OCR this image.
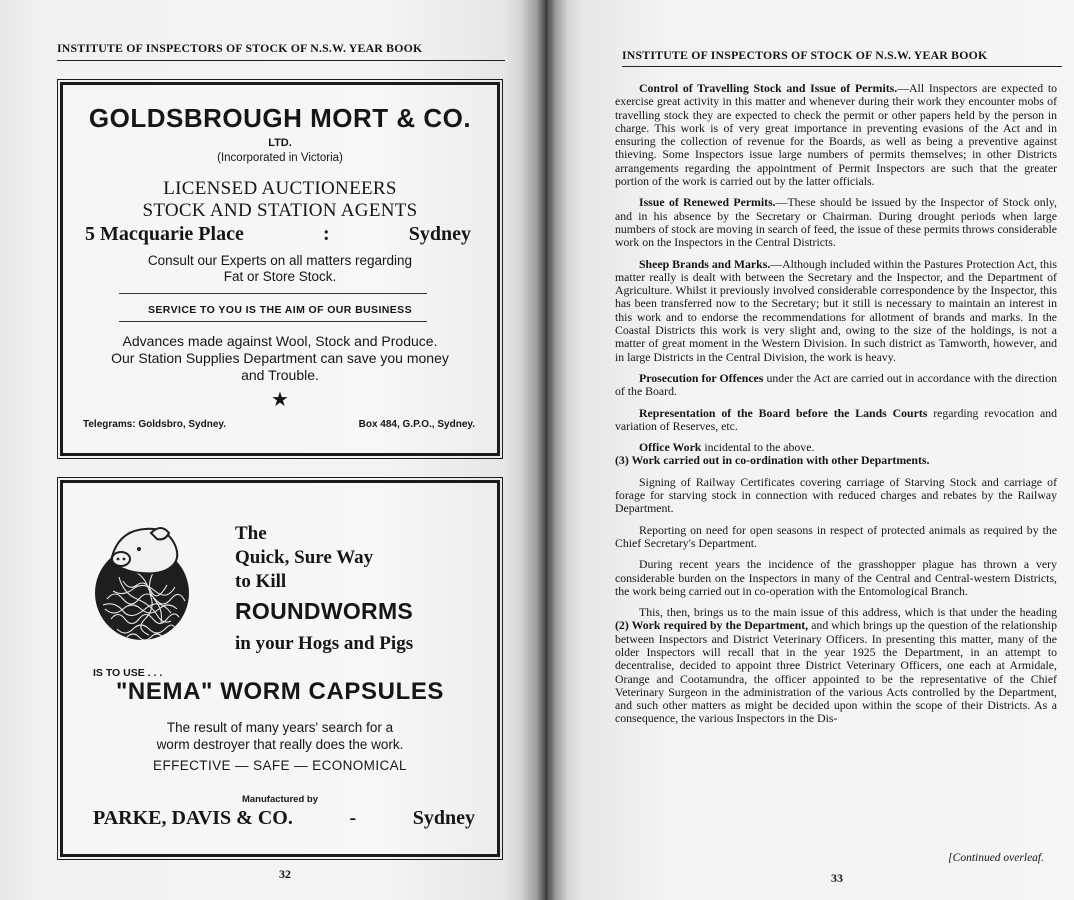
INSTITUTE OF INSPECTORS OF STOCK OF N.S.W. YEAR BOOK
GOLDSBROUGH MORT & CO.
LTD.
(Incorporated in Victoria)
LICENSED AUCTIONEERS
STOCK AND STATION AGENTS
5 Macquarie Place	:	Sydney
Consult our Experts on all matters regarding
Fat or Store Stock.
SERVICE TO YOU IS THE AIM OF OUR BUSINESS
Advances made against Wool, Stock and Produce.
Our Station Supplies Department can save you money
and Trouble.
★
Telegrams: Goldsbro, Sydney.	Box 484, G.P.O., Sydney.
The
Quick, Sure Way
to Kill
ROUNDWORMS
in your Hogs and Pigs
IS TO USE . . .
"NEMA" WORM CAPSULES
The result of many years' search for a
worm destroyer that really does the work.
EFFECTIVE — SAFE — ECONOMICAL
Manufactured by
PARKE, DAVIS & CO.	-	Sydney
32
INSTITUTE OF INSPECTORS OF STOCK OF N.S.W. YEAR BOOK

Control of Travelling Stock and Issue of Permits.—All Inspectors are expected to exercise great activity in this matter and whenever during their work they encounter mobs of travelling stock they are expected to check the permit or other papers held by the person in charge. This work is of very great importance in preventing evasions of the Act and in ensuring the collection of revenue for the Boards, as well as being a preventive against thieving. Some Inspectors issue large numbers of permits themselves; in other Districts arrangements regarding the appointment of Permit Inspectors are such that the greater portion of the work is carried out by the latter officials.

Issue of Renewed Permits.—These should be issued by the Inspector of Stock only, and in his absence by the Secretary or Chairman. During drought periods when large numbers of stock are moving in search of feed, the issue of these permits throws considerable work on the Inspectors in the Central Districts.

Sheep Brands and Marks.—Although included within the Pastures Protection Act, this matter really is dealt with between the Secretary and the Inspector, and the Department of Agriculture. Whilst it previously involved considerable correspondence by the Inspector, this has been transferred now to the Secretary; but it still is necessary to maintain an interest in this work and to endorse the recommendations for allotment of brands and marks. In the Coastal Districts this work is very slight and, owing to the size of the holdings, is not a matter of great moment in the Western Division. In such district as Tamworth, however, and in large Districts in the Central Division, the work is heavy.

Prosecution for Offences under the Act are carried out in accordance with the direction of the Board.

Representation of the Board before the Lands Courts regarding revocation and variation of Reserves, etc.

Office Work incidental to the above.

(3) Work carried out in co-ordination with other Departments.

Signing of Railway Certificates covering carriage of Starving Stock and carriage of forage for starving stock in connection with reduced charges and rebates by the Railway Department.

Reporting on need for open seasons in respect of protected animals as required by the Chief Secretary's Department.

During recent years the incidence of the grasshopper plague has thrown a very considerable burden on the Inspectors in many of the Central and Central-western Districts, the work being carried out in co-operation with the Entomological Branch.

This, then, brings us to the main issue of this address, which is that under the heading (2) Work required by the Department, and which brings up the question of the relationship between Inspectors and District Veterinary Officers. In presenting this matter, many of the older Inspectors will recall that in the year 1925 the Department, in an attempt to decentralise, decided to appoint three District Veterinary Officers, one each at Armidale, Orange and Cootamundra, the officer appointed to be the representative of the Chief Veterinary Surgeon in the administration of the various Acts controlled by the Department, and such other matters as might be decided upon within the scope of their Districts. As a consequence, the various Inspectors in the Dis-

[Continued overleaf.
33
